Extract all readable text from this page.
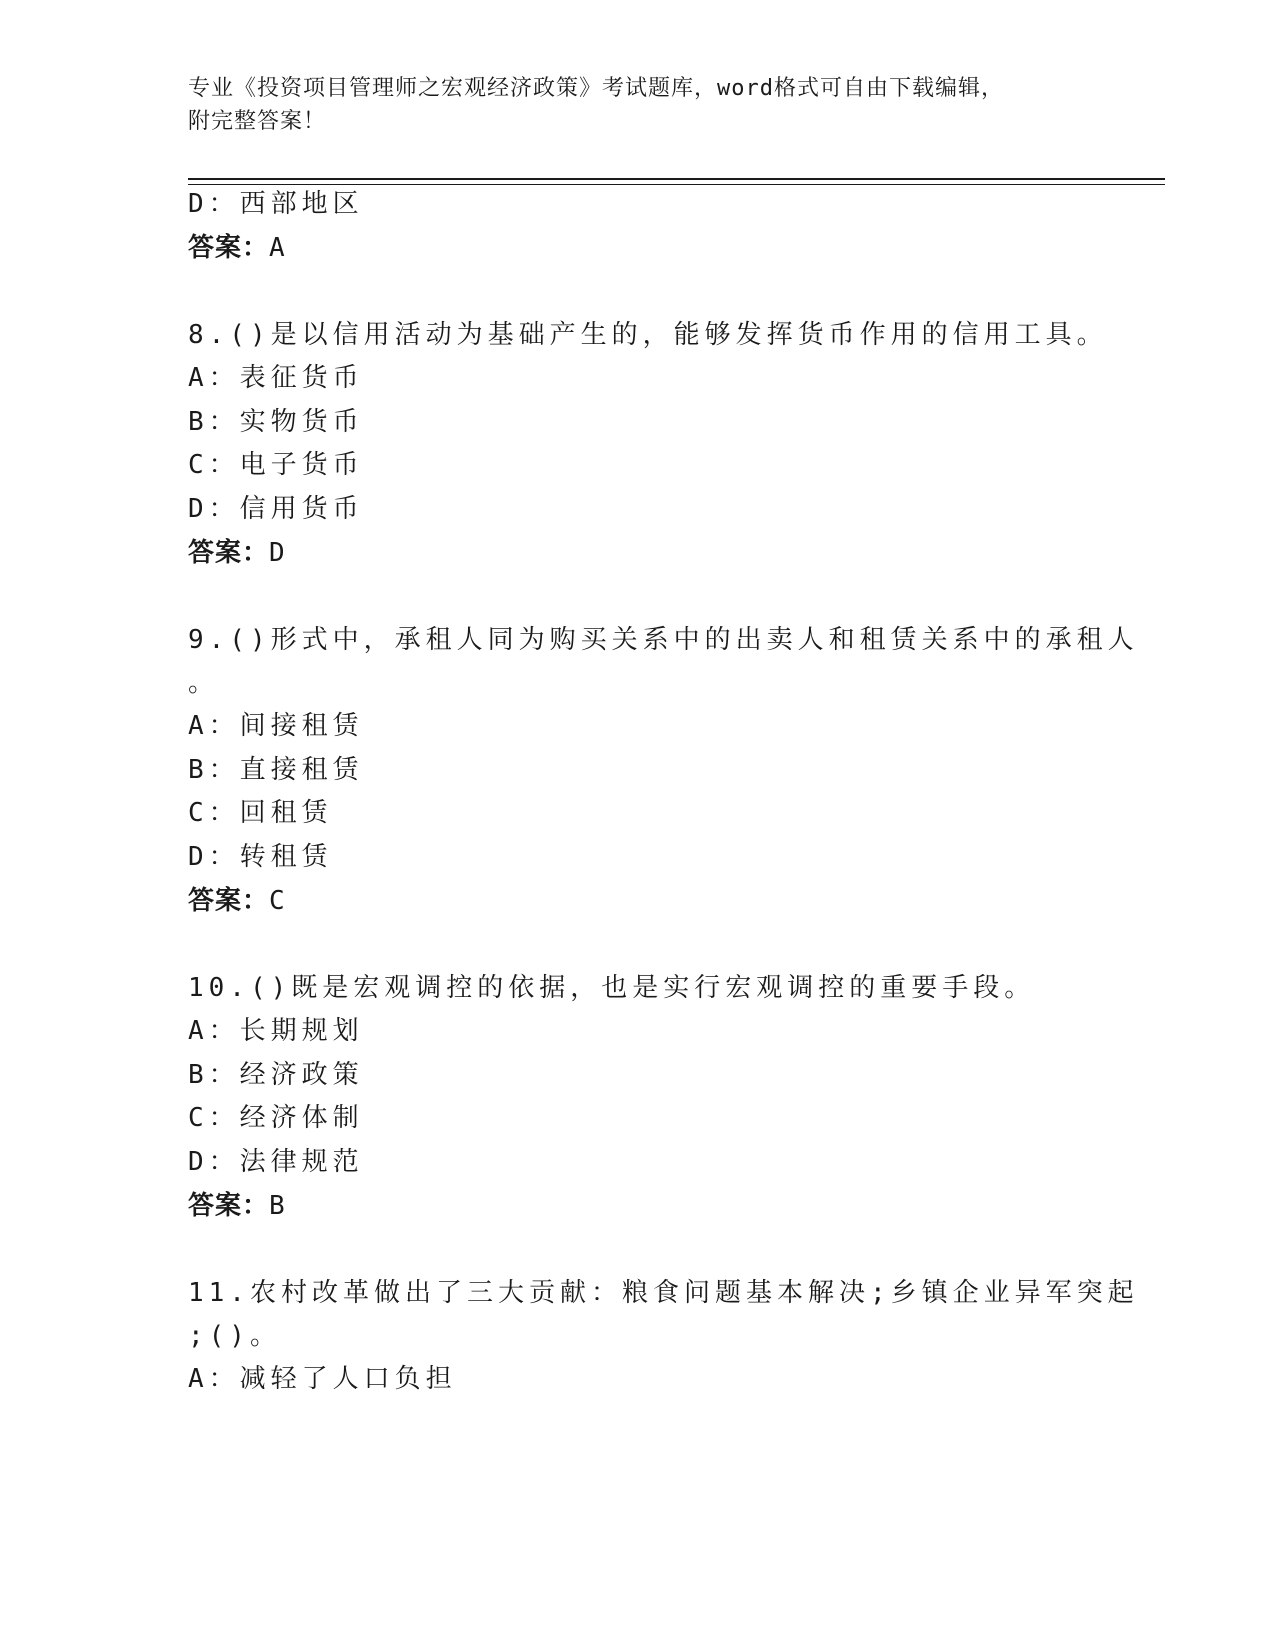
专业《投资项目管理师之宏观经济政策》考试题库，word格式可自由下载编辑，
附完整答案！
D：西部地区
答案：A
8.()是以信用活动为基础产生的，能够发挥货币作用的信用工具。
A：表征货币
B：实物货币
C：电子货币
D：信用货币
答案：D
9.()形式中，承租人同为购买关系中的出卖人和租赁关系中的承租人
。
A：间接租赁
B：直接租赁
C：回租赁
D：转租赁
答案：C
10.()既是宏观调控的依据，也是实行宏观调控的重要手段。
A：长期规划
B：经济政策
C：经济体制
D：法律规范
答案：B
11.农村改革做出了三大贡献：粮食问题基本解决;乡镇企业异军突起
;()。
A：减轻了人口负担
